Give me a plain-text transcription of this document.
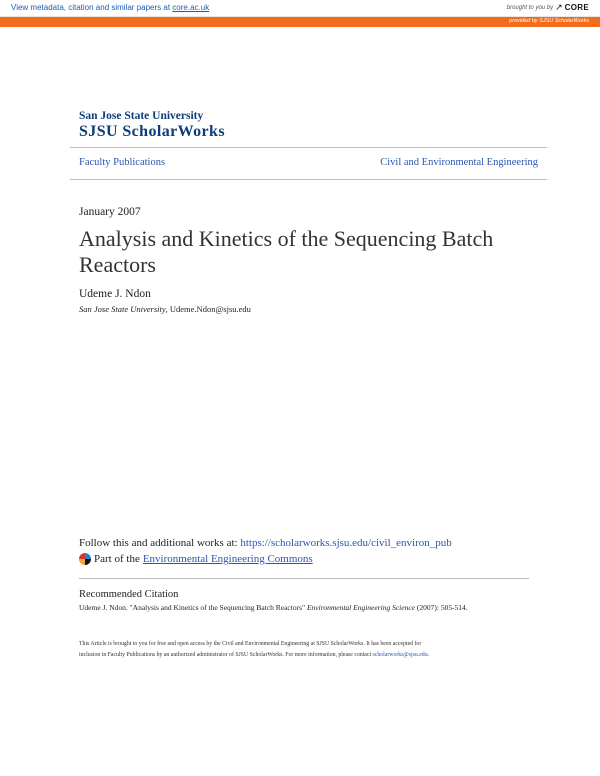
View metadata, citation and similar papers at core.ac.uk	brought to you by ↗ CORE
provided by SJSU ScholarWorks
San Jose State University
SJSU ScholarWorks
Faculty Publications	Civil and Environmental Engineering
January 2007
Analysis and Kinetics of the Sequencing Batch Reactors
Udeme J. Ndon
San Jose State University, Udeme.Ndon@sjsu.edu
Follow this and additional works at: https://scholarworks.sjsu.edu/civil_environ_pub
Part of the Environmental Engineering Commons
Recommended Citation
Udeme J. Ndon. "Analysis and Kinetics of the Sequencing Batch Reactors" Environmental Engineering Science (2007): 505-514.
This Article is brought to you for free and open access by the Civil and Environmental Engineering at SJSU ScholarWorks. It has been accepted for
inclusion in Faculty Publications by an authorized administrator of SJSU ScholarWorks. For more information, please contact scholarworks@sjsu.edu.
